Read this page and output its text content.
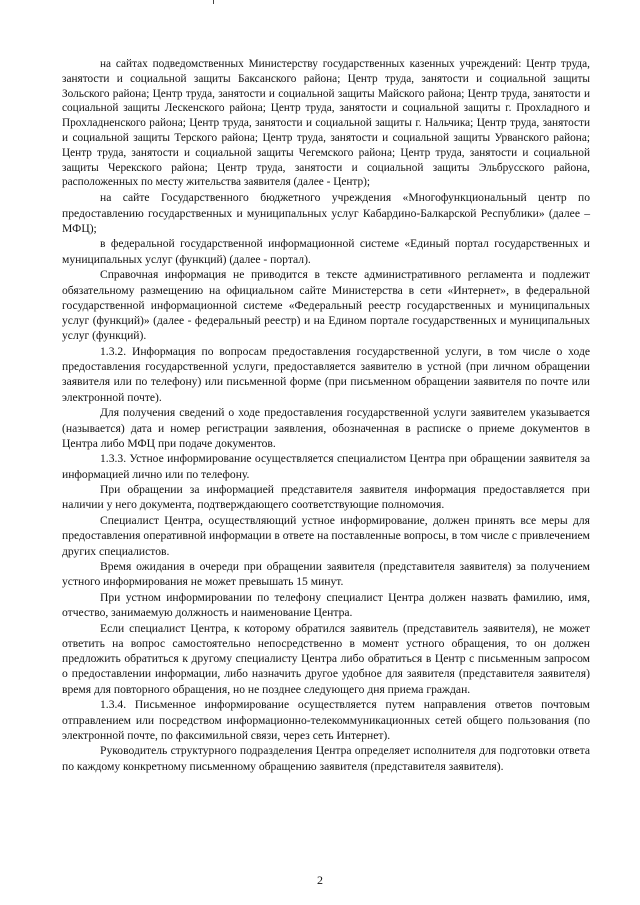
на сайтах подведомственных Министерству государственных казенных учреждений: Центр труда, занятости и социальной защиты Баксанского района; Центр труда, занятости и социальной защиты Зольского района; Центр труда, занятости и социальной защиты Майского района; Центр труда, занятости и социальной защиты Лескенского района; Центр труда, занятости и социальной защиты г. Прохладного и Прохладненского района; Центр труда, занятости и социальной защиты г. Нальчика; Центр труда, занятости и социальной защиты Терского района; Центр труда, занятости и социальной защиты Урванского района; Центр труда, занятости и социальной защиты Чегемского района; Центр труда, занятости и социальной защиты Черекского района; Центр труда, занятости и социальной защиты Эльбрусского района, расположенных по месту жительства заявителя (далее - Центр);

на сайте Государственного бюджетного учреждения «Многофункциональный центр по предоставлению государственных и муниципальных услуг Кабардино-Балкарской Республики» (далее – МФЦ);

в федеральной государственной информационной системе «Единый портал государственных и муниципальных услуг (функций) (далее - портал).

Справочная информация не приводится в тексте административного регламента и подлежит обязательному размещению на официальном сайте Министерства в сети «Интернет», в федеральной государственной информационной системе «Федеральный реестр государственных и муниципальных услуг (функций)» (далее - федеральный реестр) и на Едином портале государственных и муниципальных услуг (функций).

1.3.2. Информация по вопросам предоставления государственной услуги, в том числе о ходе предоставления государственной услуги, предоставляется заявителю в устной (при личном обращении заявителя или по телефону) или письменной форме (при письменном обращении заявителя по почте или электронной почте).

Для получения сведений о ходе предоставления государственной услуги заявителем указывается (называется) дата и номер регистрации заявления, обозначенная в расписке о приеме документов в Центра либо МФЦ при подаче документов.

1.3.3. Устное информирование осуществляется специалистом Центра при обращении заявителя за информацией лично или по телефону.

При обращении за информацией представителя заявителя информация предоставляется при наличии у него документа, подтверждающего соответствующие полномочия.

Специалист Центра, осуществляющий устное информирование, должен принять все меры для предоставления оперативной информации в ответе на поставленные вопросы, в том числе с привлечением других специалистов.

Время ожидания в очереди при обращении заявителя (представителя заявителя) за получением устного информирования не может превышать 15 минут.

При устном информировании по телефону специалист Центра должен назвать фамилию, имя, отчество, занимаемую должность и наименование Центра.

Если специалист Центра, к которому обратился заявитель (представитель заявителя), не может ответить на вопрос самостоятельно непосредственно в момент устного обращения, то он должен предложить обратиться к другому специалисту Центра либо обратиться в Центр с письменным запросом о предоставлении информации, либо назначить другое удобное для заявителя (представителя заявителя) время для повторного обращения, но не позднее следующего дня приема граждан.

1.3.4. Письменное информирование осуществляется путем направления ответов почтовым отправлением или посредством информационно-телекоммуникационных сетей общего пользования (по электронной почте, по факсимильной связи, через сеть Интернет).

Руководитель структурного подразделения Центра определяет исполнителя для подготовки ответа по каждому конкретному письменному обращению заявителя (представителя заявителя).

2
